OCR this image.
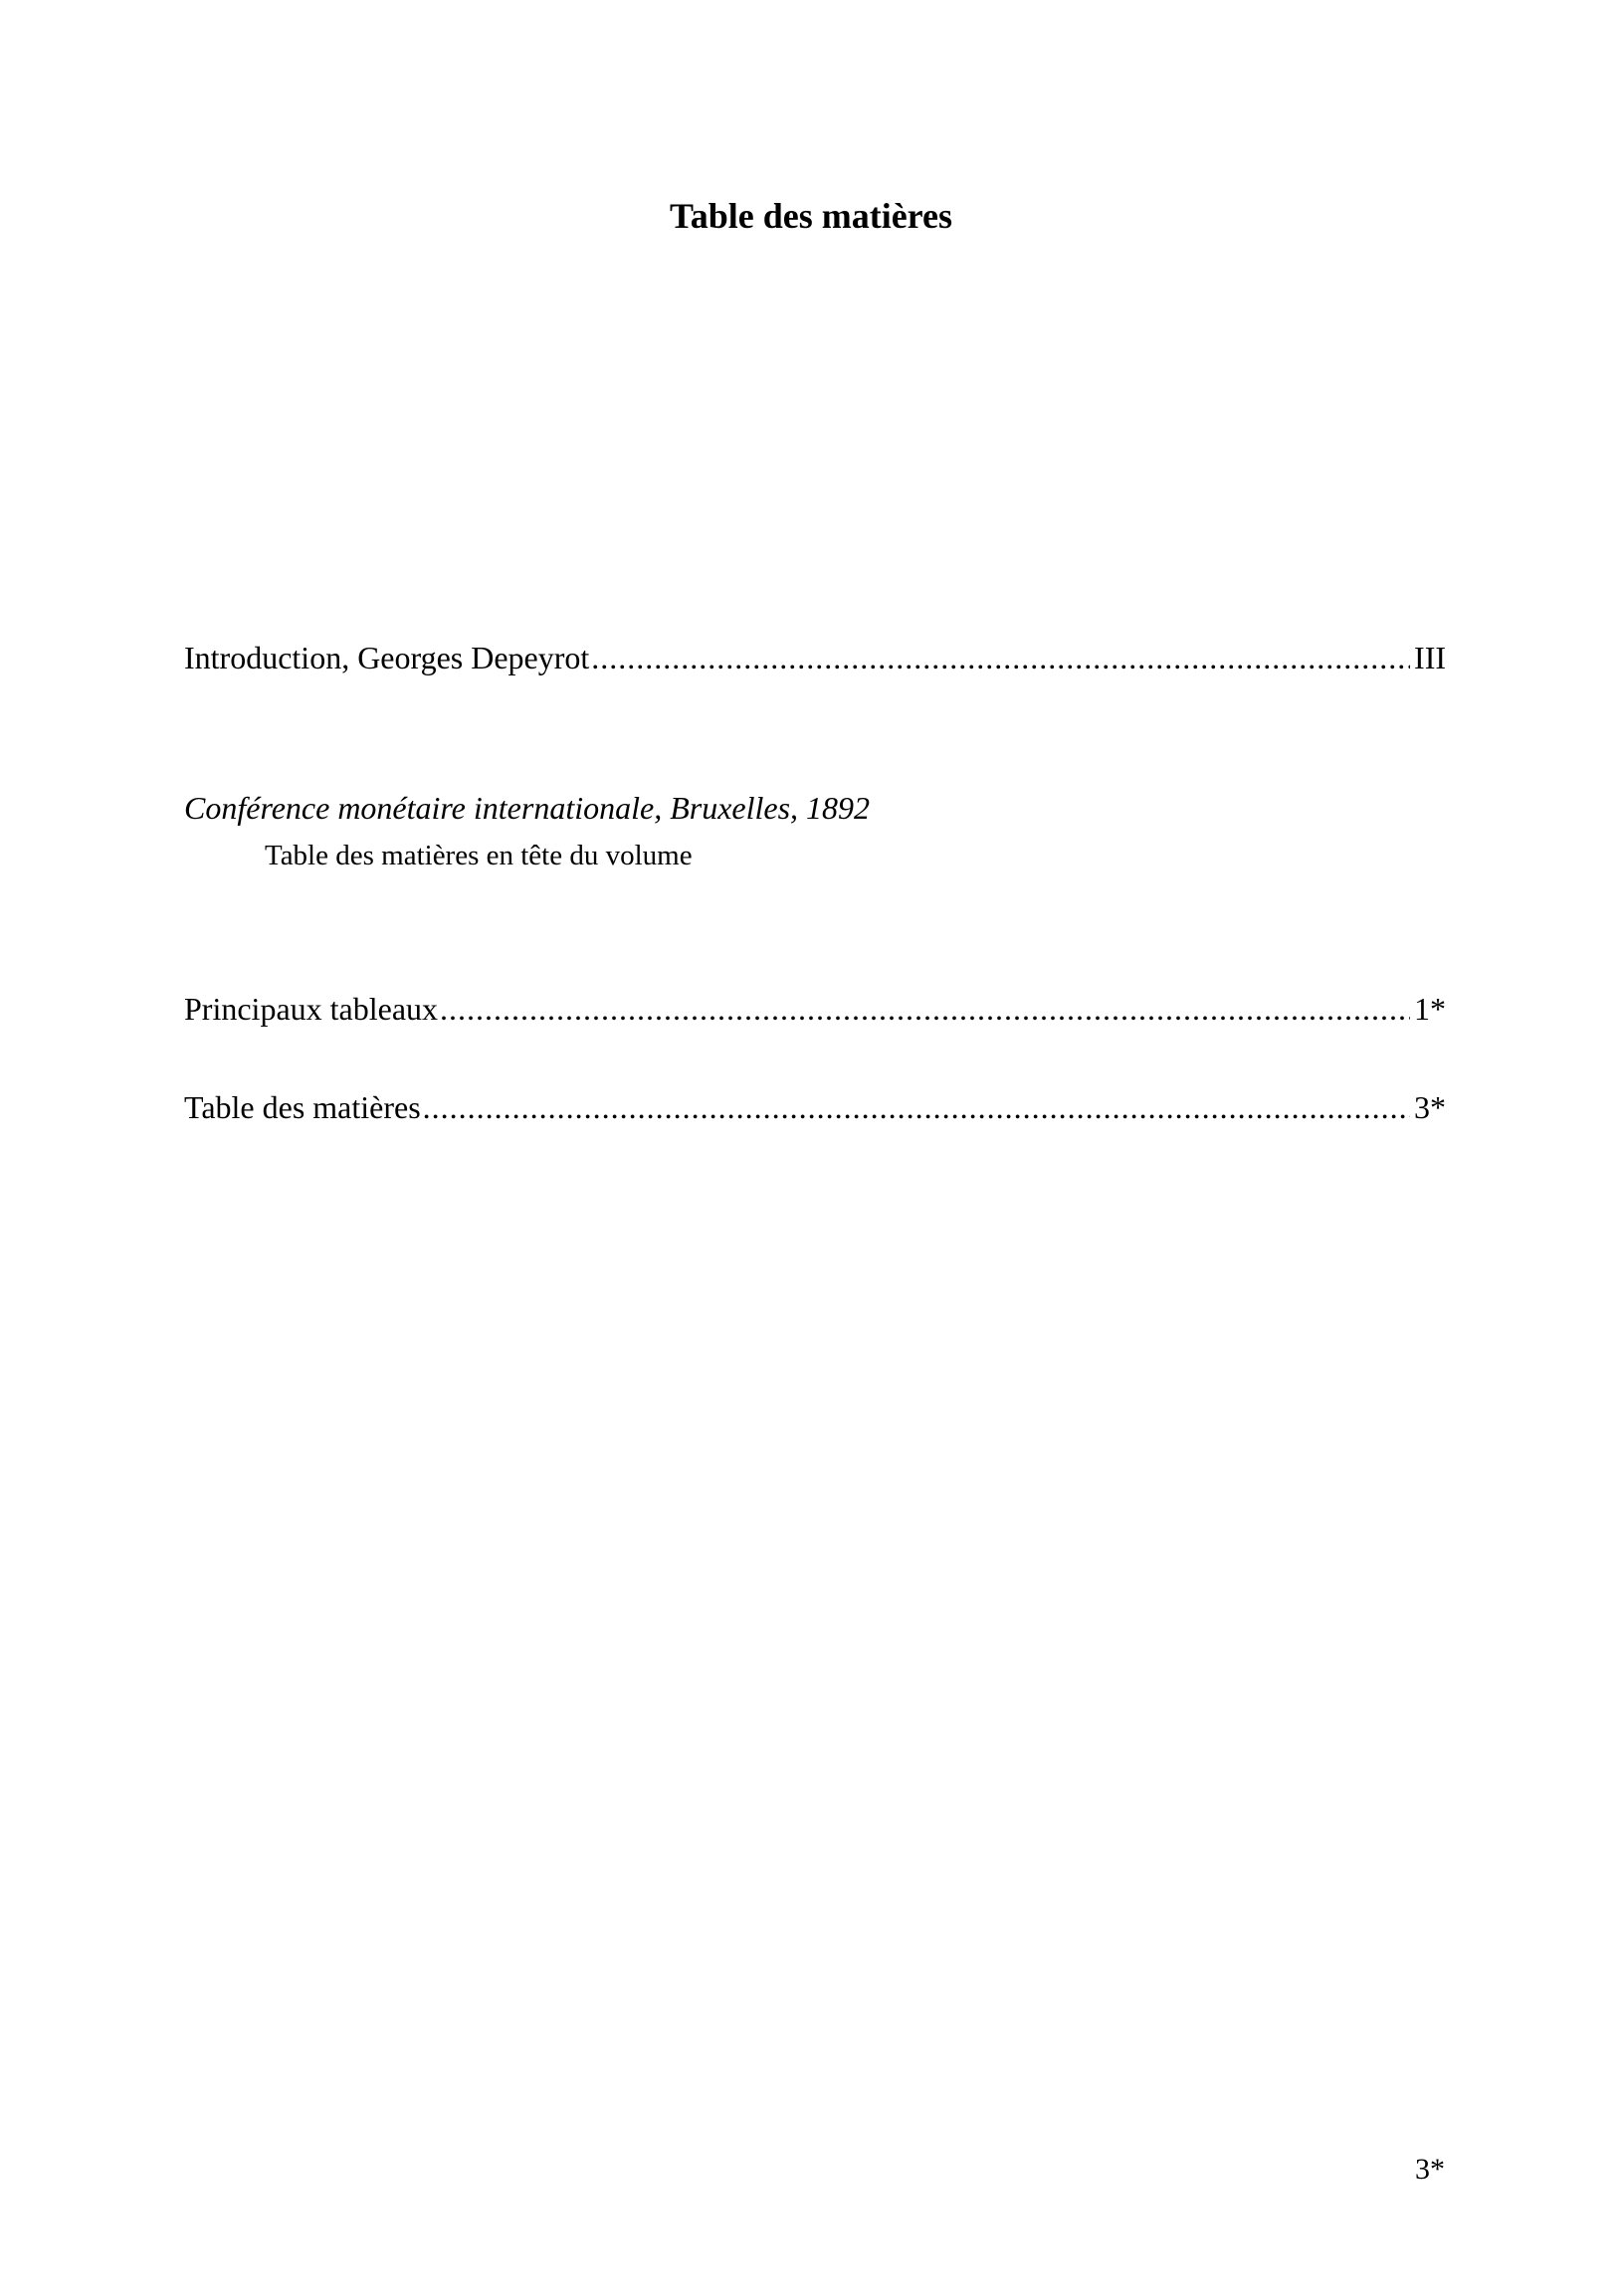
Table des matières
Introduction, Georges Depeyrot .....	III
Conférence monétaire internationale, Bruxelles, 1892
Table des matières en tête du volume
Principaux tableaux .....	1*
Table des matières .....	3*
3*
